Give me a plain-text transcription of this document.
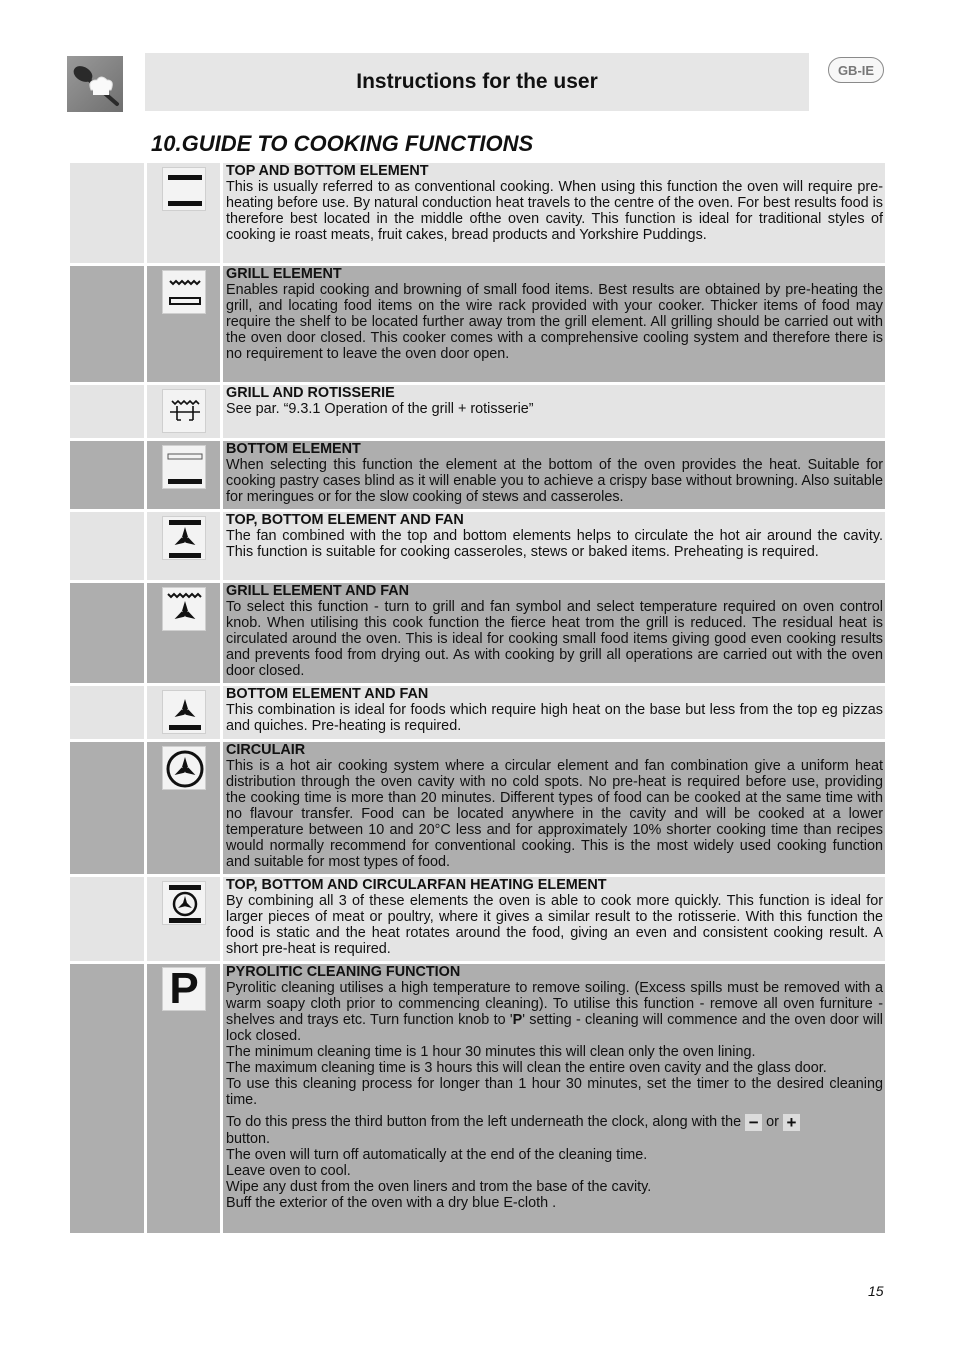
Instructions for the user	GB-IE
10.GUIDE TO COOKING FUNCTIONS
TOP AND BOTTOM ELEMENT
This is usually referred to as conventional cooking. When using this function the oven will require pre-heating before use. By natural conduction heat travels to the centre of the oven. For best results food is therefore best located in the middle ofthe oven cavity. This function is ideal for traditional styles of cooking ie roast meats, fruit cakes, bread products and Yorkshire Puddings.
GRILL ELEMENT
Enables rapid cooking and browning of small food items. Best results are obtained by pre-heating the grill, and locating food items on the wire rack provided with your cooker. Thicker items of food may require the shelf to be located further away trom the grill element. All grilling should be carried out with the oven door closed. This cooker comes with a comprehensive cooling system and therefore there is no requirement to leave the oven door open.
GRILL AND ROTISSERIE
See par. “9.3.1 Operation of the grill + rotisserie”
BOTTOM ELEMENT
When selecting this function the element at the bottom of the oven provides the heat. Suitable for cooking pastry cases blind as it will enable you to achieve a crispy base without browning. Also suitable for meringues or for the slow cooking of stews and casseroles.
TOP, BOTTOM ELEMENT AND FAN
The fan combined with the top and bottom elements helps to circulate the hot air around the cavity. This function is suitable for cooking casseroles, stews or baked items. Preheating is required.
GRILL ELEMENT AND FAN
To select this function - turn to grill and fan symbol and select temperature required on oven control knob. When utilising this cook function the fierce heat trom the grill is reduced. The residual heat is circulated around the oven. This is ideal for cooking small food items giving good even cooking results and prevents food from drying out. As with cooking by grill all operations are carried out with the oven door closed.
BOTTOM ELEMENT AND FAN
This combination is ideal for foods which require high heat on the base but less from the top eg pizzas and quiches. Pre-heating is required.
CIRCULAIR
This is a hot air cooking system where a circular element and fan combination give a uniform heat distribution through the oven cavity with no cold spots. No pre-heat is required before use, providing the cooking time is more than 20 minutes. Different types of food can be cooked at the same time with no flavour transfer. Food can be located anywhere in the cavity and will be cooked at a lower temperature between 10 and 20°C less and for approximately 10% shorter cooking time than recipes would normally recommend for conventional cooking. This is the most widely used cooking function and suitable for most types of food.
TOP, BOTTOM AND CIRCULARFAN HEATING ELEMENT
By combining all 3 of these elements the oven is able to cook more quickly. This function is ideal for larger pieces of meat or poultry, where it gives a similar result to the rotisserie. With this function the food is static and the heat rotates around the food, giving an even and consistent cooking result. A short pre-heat is required.
P PYROLITIC CLEANING FUNCTION
Pyrolitic cleaning utilises a high temperature to remove soiling. (Excess spills must be removed with a warm soapy cloth prior to commencing cleaning). To utilise this function - remove all oven furniture - shelves and trays etc. Turn function knob to 'P' setting - cleaning will commence and the oven door will lock closed.
The minimum cleaning time is 1 hour 30 minutes this will clean only the oven lining.
The maximum cleaning time is 3 hours this will clean the entire oven cavity and the glass door.
To use this cleaning process for longer than 1 hour 30 minutes, set the timer to the desired cleaning time.
To do this press the third button from the left underneath the clock, along with the − or +
button.
The oven will turn off automatically at the end of the cleaning time.
Leave oven to cool.
Wipe any dust from the oven liners and trom the base of the cavity.
Buff the exterior of the oven with a dry blue E-cloth .
15
